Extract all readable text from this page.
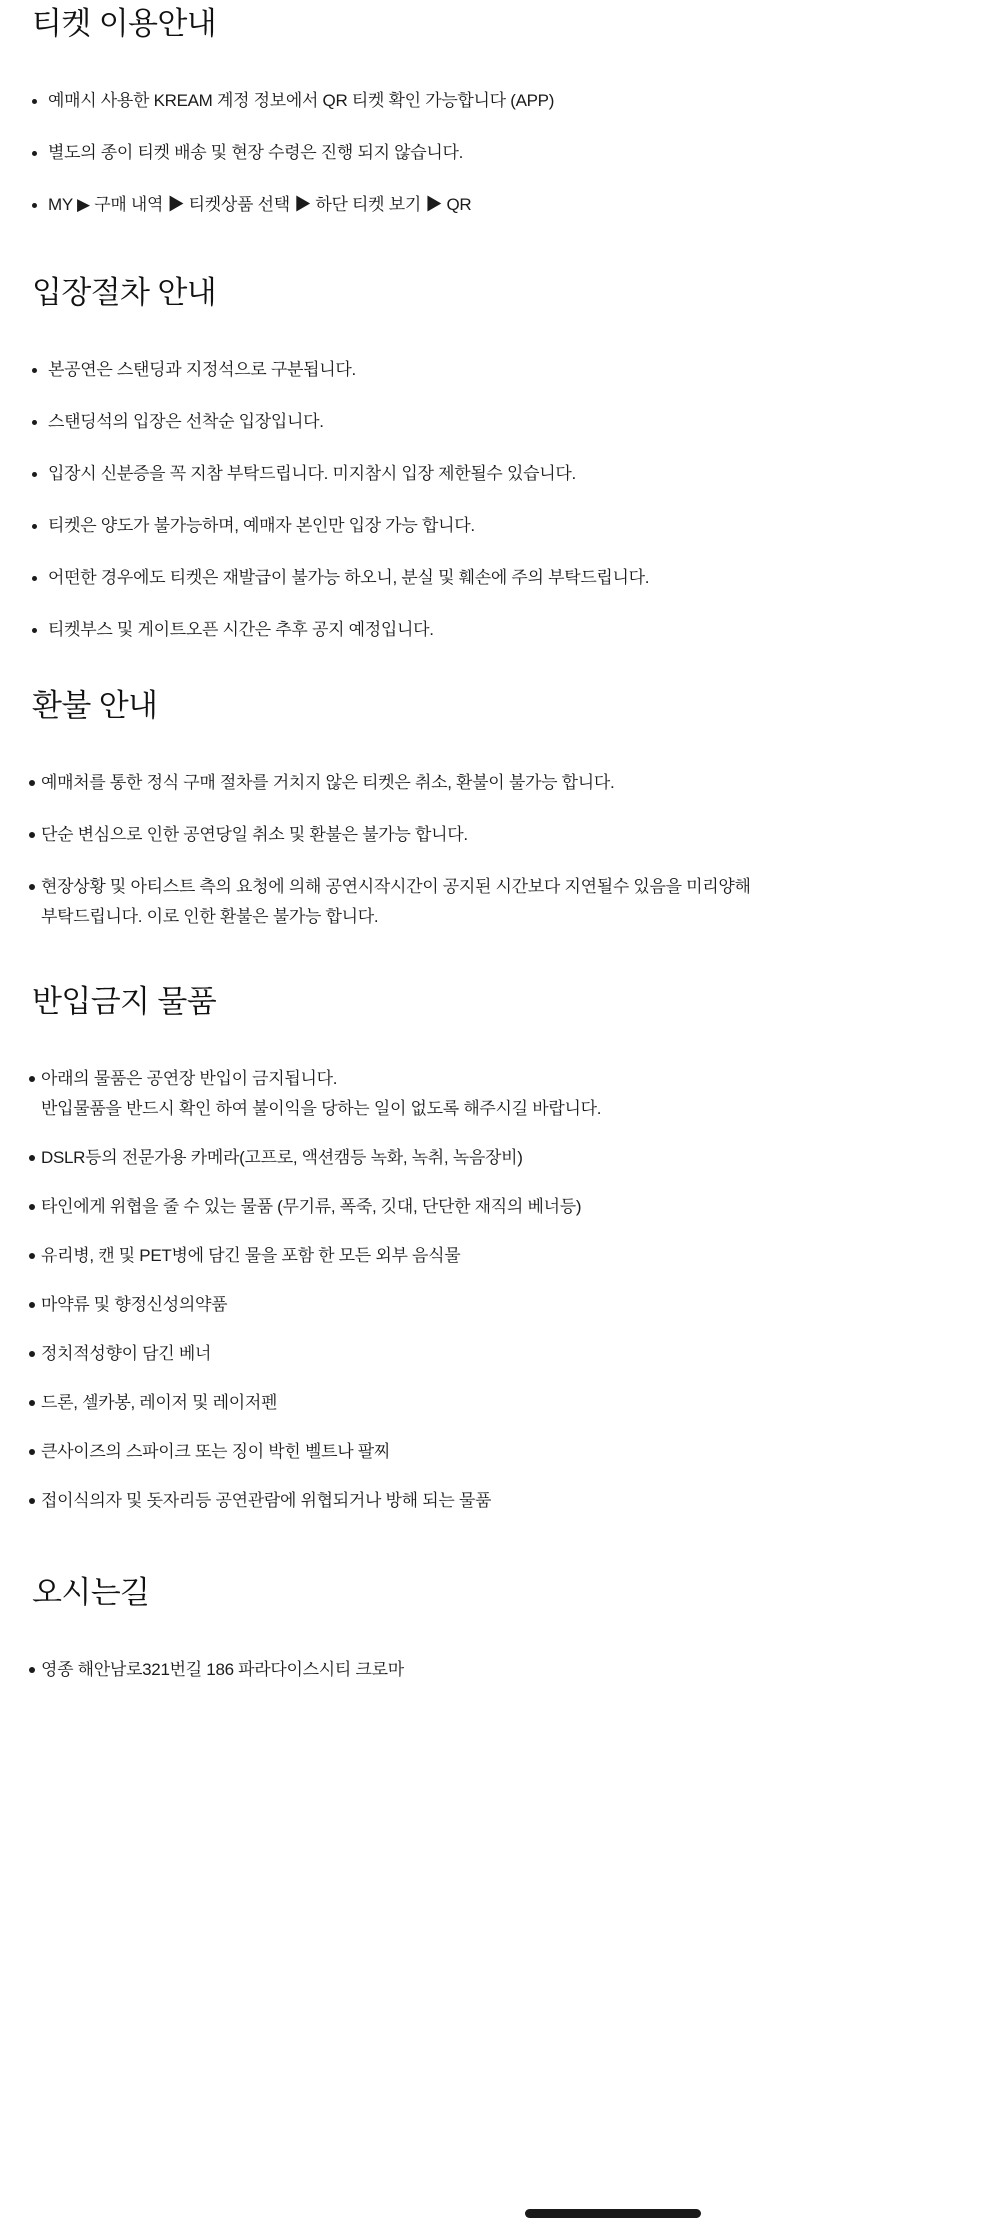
티켓 이용안내
예매시 사용한 KREAM 계정 정보에서 QR 티켓 확인 가능합니다 (APP)
별도의 종이 티켓 배송 및 현장 수령은 진행 되지 않습니다.
MY ▶ 구매 내역 ▶ 티켓상품 선택 ▶ 하단 티켓 보기 ▶ QR
입장절차 안내
본공연은 스탠딩과 지정석으로 구분됩니다.
스탠딩석의 입장은 선착순 입장입니다.
입장시 신분증을 꼭 지참 부탁드립니다. 미지참시 입장 제한될수 있습니다.
티켓은 양도가 불가능하며, 예매자 본인만 입장 가능 합니다.
어떤한 경우에도 티켓은 재발급이 불가능 하오니, 분실 및 훼손에 주의 부탁드립니다.
티켓부스 및 게이트오픈 시간은 추후 공지 예정입니다.
환불 안내
예매처를 통한 정식 구매 절차를 거치지 않은 티켓은 취소, 환불이 불가능 합니다.
단순 변심으로 인한 공연당일 취소 및 환불은 불가능 합니다.
현장상황 및 아티스트 측의 요청에 의해 공연시작시간이 공지된 시간보다 지연될수 있음을 미리양해
부탁드립니다. 이로 인한 환불은 불가능 합니다.
반입금지 물품
아래의 물품은 공연장 반입이 금지됩니다.
반입물품을 반드시 확인 하여 불이익을 당하는 일이 없도록 해주시길 바랍니다.
DSLR등의 전문가용 카메라(고프로, 액션캠등 녹화, 녹취, 녹음장비)
타인에게 위협을 줄 수 있는 물품 (무기류, 폭죽, 깃대, 단단한 재직의 베너등)
유리병, 캔 및 PET병에 담긴 물을 포함 한 모든 외부 음식물
마약류 및 향정신성의약품
정치적성향이 담긴 베너
드론, 셀카봉, 레이저 및 레이저펜
큰사이즈의 스파이크 또는 징이 박힌 벨트나 팔찌
접이식의자 및 돗자리등 공연관람에 위협되거나 방해 되는 물품
오시는길
영종 해안남로321번길 186 파라다이스시티 크로마
